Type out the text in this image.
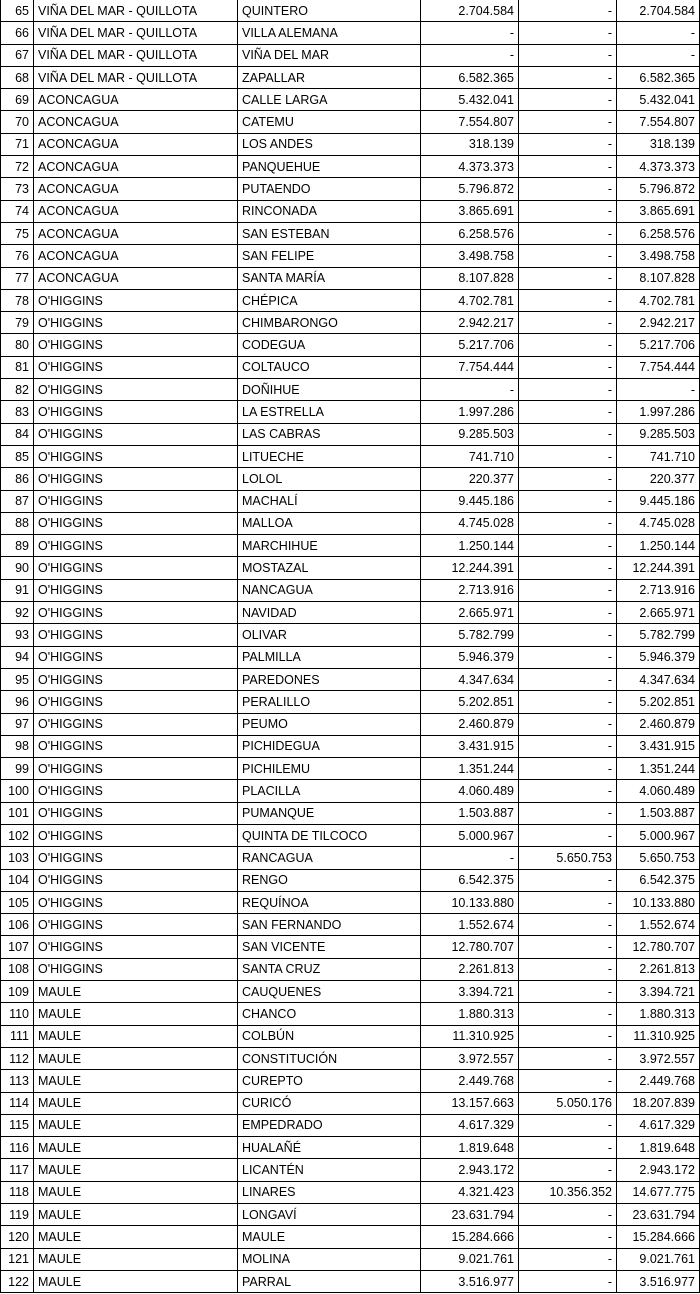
65	VIÑA DEL MAR - QUILLOTA	QUINTERO	2.704.584	-	2.704.584
66	VIÑA DEL MAR - QUILLOTA	VILLA ALEMANA	-	-	-
67	VIÑA DEL MAR - QUILLOTA	VIÑA DEL MAR	-	-	-
68	VIÑA DEL MAR - QUILLOTA	ZAPALLAR	6.582.365	-	6.582.365
69	ACONCAGUA	CALLE LARGA	5.432.041	-	5.432.041
70	ACONCAGUA	CATEMU	7.554.807	-	7.554.807
71	ACONCAGUA	LOS ANDES	318.139	-	318.139
72	ACONCAGUA	PANQUEHUE	4.373.373	-	4.373.373
73	ACONCAGUA	PUTAENDO	5.796.872	-	5.796.872
74	ACONCAGUA	RINCONADA	3.865.691	-	3.865.691
75	ACONCAGUA	SAN ESTEBAN	6.258.576	-	6.258.576
76	ACONCAGUA	SAN FELIPE	3.498.758	-	3.498.758
77	ACONCAGUA	SANTA MARÍA	8.107.828	-	8.107.828
78	O'HIGGINS	CHÉPICA	4.702.781	-	4.702.781
79	O'HIGGINS	CHIMBARONGO	2.942.217	-	2.942.217
80	O'HIGGINS	CODEGUA	5.217.706	-	5.217.706
81	O'HIGGINS	COLTAUCO	7.754.444	-	7.754.444
82	O'HIGGINS	DOÑIHUE	-	-	-
83	O'HIGGINS	LA ESTRELLA	1.997.286	-	1.997.286
84	O'HIGGINS	LAS CABRAS	9.285.503	-	9.285.503
85	O'HIGGINS	LITUECHE	741.710	-	741.710
86	O'HIGGINS	LOLOL	220.377	-	220.377
87	O'HIGGINS	MACHALÍ	9.445.186	-	9.445.186
88	O'HIGGINS	MALLOA	4.745.028	-	4.745.028
89	O'HIGGINS	MARCHIHUE	1.250.144	-	1.250.144
90	O'HIGGINS	MOSTAZAL	12.244.391	-	12.244.391
91	O'HIGGINS	NANCAGUA	2.713.916	-	2.713.916
92	O'HIGGINS	NAVIDAD	2.665.971	-	2.665.971
93	O'HIGGINS	OLIVAR	5.782.799	-	5.782.799
94	O'HIGGINS	PALMILLA	5.946.379	-	5.946.379
95	O'HIGGINS	PAREDONES	4.347.634	-	4.347.634
96	O'HIGGINS	PERALILLO	5.202.851	-	5.202.851
97	O'HIGGINS	PEUMO	2.460.879	-	2.460.879
98	O'HIGGINS	PICHIDEGUA	3.431.915	-	3.431.915
99	O'HIGGINS	PICHILEMU	1.351.244	-	1.351.244
100	O'HIGGINS	PLACILLA	4.060.489	-	4.060.489
101	O'HIGGINS	PUMANQUE	1.503.887	-	1.503.887
102	O'HIGGINS	QUINTA DE TILCOCO	5.000.967	-	5.000.967
103	O'HIGGINS	RANCAGUA	-	5.650.753	5.650.753
104	O'HIGGINS	RENGO	6.542.375	-	6.542.375
105	O'HIGGINS	REQUÍNOA	10.133.880	-	10.133.880
106	O'HIGGINS	SAN FERNANDO	1.552.674	-	1.552.674
107	O'HIGGINS	SAN VICENTE	12.780.707	-	12.780.707
108	O'HIGGINS	SANTA CRUZ	2.261.813	-	2.261.813
109	MAULE	CAUQUENES	3.394.721	-	3.394.721
110	MAULE	CHANCO	1.880.313	-	1.880.313
111	MAULE	COLBÚN	11.310.925	-	11.310.925
112	MAULE	CONSTITUCIÓN	3.972.557	-	3.972.557
113	MAULE	CUREPTO	2.449.768	-	2.449.768
114	MAULE	CURICÓ	13.157.663	5.050.176	18.207.839
115	MAULE	EMPEDRADO	4.617.329	-	4.617.329
116	MAULE	HUALAÑÉ	1.819.648	-	1.819.648
117	MAULE	LICANTÉN	2.943.172	-	2.943.172
118	MAULE	LINARES	4.321.423	10.356.352	14.677.775
119	MAULE	LONGAVÍ	23.631.794	-	23.631.794
120	MAULE	MAULE	15.284.666	-	15.284.666
121	MAULE	MOLINA	9.021.761	-	9.021.761
122	MAULE	PARRAL	3.516.977	-	3.516.977
